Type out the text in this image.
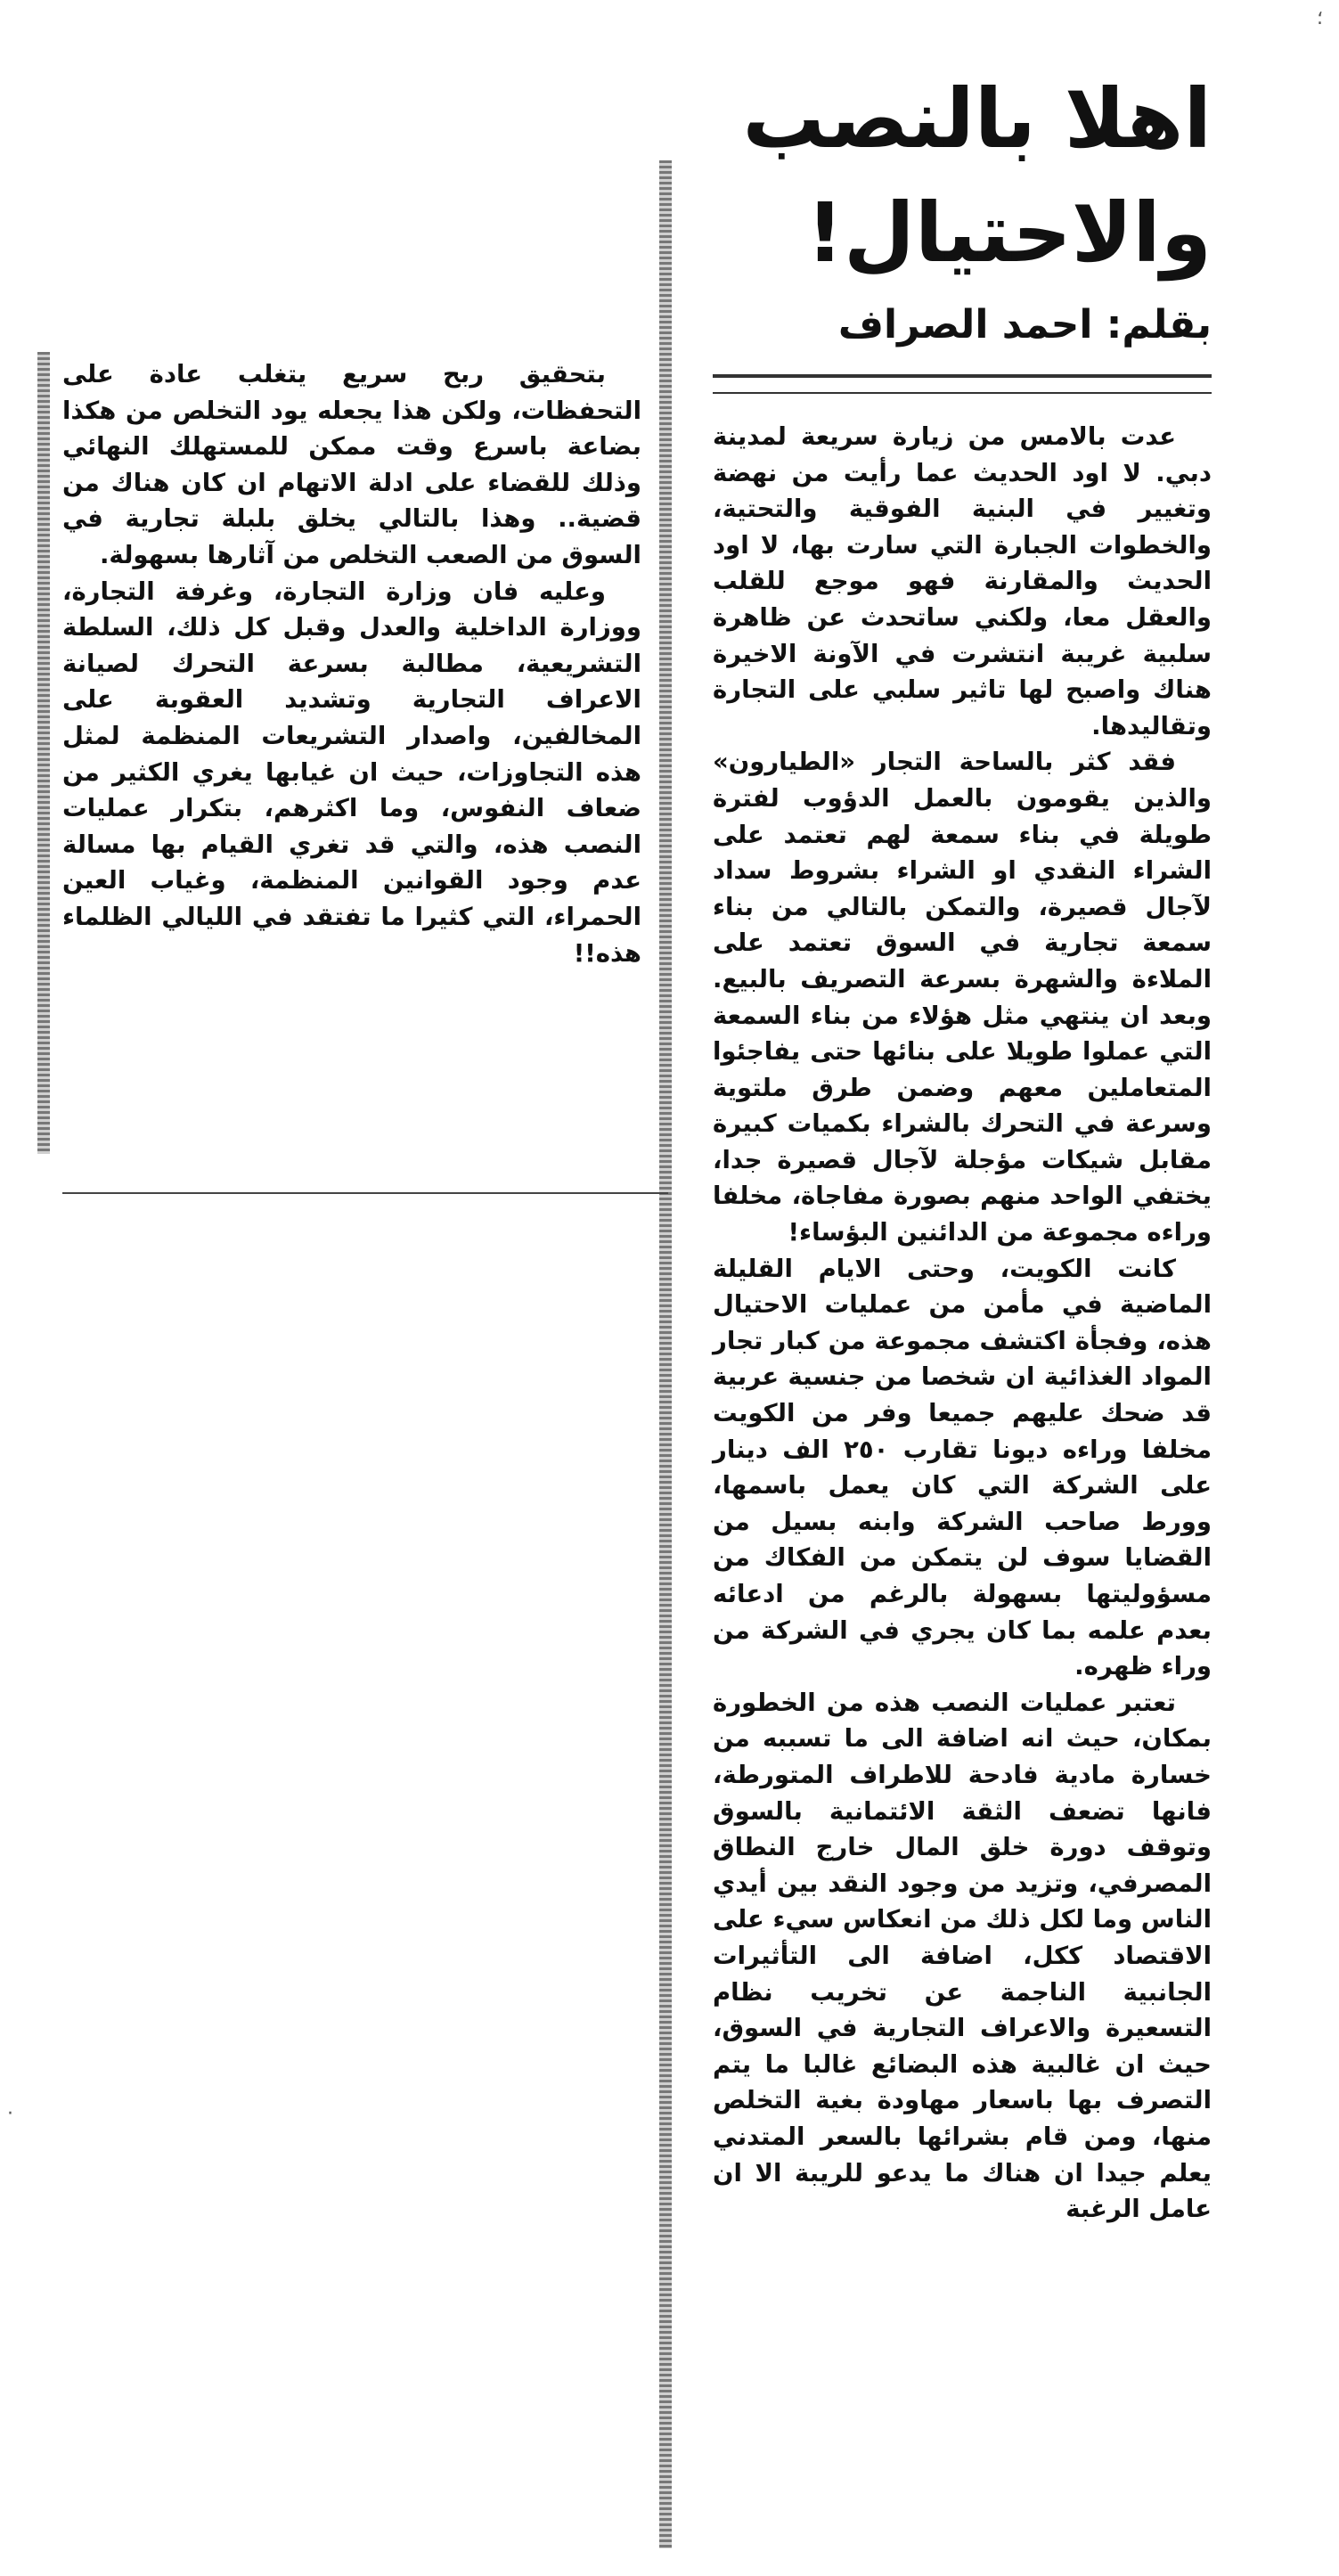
اهلا بالنصب
والاحتيال!
بقلم: احمد الصراف

بتحقيق ربح سريع يتغلب عادة على التحفظات، ولكن هذا يجعله يود التخلص من هكذا بضاعة باسرع وقت ممكن للمستهلك النهائي وذلك للقضاء على ادلة الاتهام ان كان هناك من قضية.. وهذا بالتالي يخلق بلبلة تجارية في السوق من الصعب التخلص من آثارها بسهولة.

وعليه فان وزارة التجارة، وغرفة التجارة، ووزارة الداخلية والعدل وقبل كل ذلك، السلطة التشريعية، مطالبة بسرعة التحرك لصيانة الاعراف التجارية وتشديد العقوبة على المخالفين، واصدار التشريعات المنظمة لمثل هذه التجاوزات، حيث ان غيابها يغري الكثير من ضعاف النفوس، وما اكثرهم، بتكرار عمليات النصب هذه، والتي قد تغري القيام بها مسالة عدم وجود القوانين المنظمة، وغياب العين الحمراء، التي كثيرا ما تفتقد في الليالي الظلماء هذه!!

عدت بالامس من زيارة سريعة لمدينة دبي. لا اود الحديث عما رأيت من نهضة وتغيير في البنية الفوقية والتحتية، والخطوات الجبارة التي سارت بها، لا اود الحديث والمقارنة فهو موجع للقلب والعقل معا، ولكني ساتحدث عن ظاهرة سلبية غريبة انتشرت في الآونة الاخيرة هناك واصبح لها تاثير سلبي على التجارة وتقاليدها.

فقد كثر بالساحة التجار «الطيارون» والذين يقومون بالعمل الدؤوب لفترة طويلة في بناء سمعة لهم تعتمد على الشراء النقدي او الشراء بشروط سداد لآجال قصيرة، والتمكن بالتالي من بناء سمعة تجارية في السوق تعتمد على الملاءة والشهرة بسرعة التصريف بالبيع. وبعد ان ينتهي مثل هؤلاء من بناء السمعة التي عملوا طويلا على بنائها حتى يفاجئوا المتعاملين معهم وضمن طرق ملتوية وسرعة في التحرك بالشراء بكميات كبيرة مقابل شيكات مؤجلة لآجال قصيرة جدا، يختفي الواحد منهم بصورة مفاجاة، مخلفا وراءه مجموعة من الدائنين البؤساء!

كانت الكويت، وحتى الايام القليلة الماضية في مأمن من عمليات الاحتيال هذه، وفجأة اكتشف مجموعة من كبار تجار المواد الغذائية ان شخصا من جنسية عربية قد ضحك عليهم جميعا وفر من الكويت مخلفا وراءه ديونا تقارب ٢٥٠ الف دينار على الشركة التي كان يعمل باسمها، وورط صاحب الشركة وابنه بسيل من القضايا سوف لن يتمكن من الفكاك من مسؤوليتها بسهولة بالرغم من ادعائه بعدم علمه بما كان يجري في الشركة من وراء ظهره.

تعتبر عمليات النصب هذه من الخطورة بمكان، حيث انه اضافة الى ما تسببه من خسارة مادية فادحة للاطراف المتورطة، فانها تضعف الثقة الائتمانية بالسوق وتوقف دورة خلق المال خارج النطاق المصرفي، وتزيد من وجود النقد بين أيدي الناس وما لكل ذلك من انعكاس سيء على الاقتصاد ككل، اضافة الى التأثيرات الجانبية الناجمة عن تخريب نظام التسعيرة والاعراف التجارية في السوق، حيث ان غالبية هذه البضائع غالبا ما يتم التصرف بها باسعار مهاودة بغية التخلص منها، ومن قام بشرائها بالسعر المتدني يعلم جيدا ان هناك ما يدعو للريبة الا ان عامل الرغبة

؛
·
